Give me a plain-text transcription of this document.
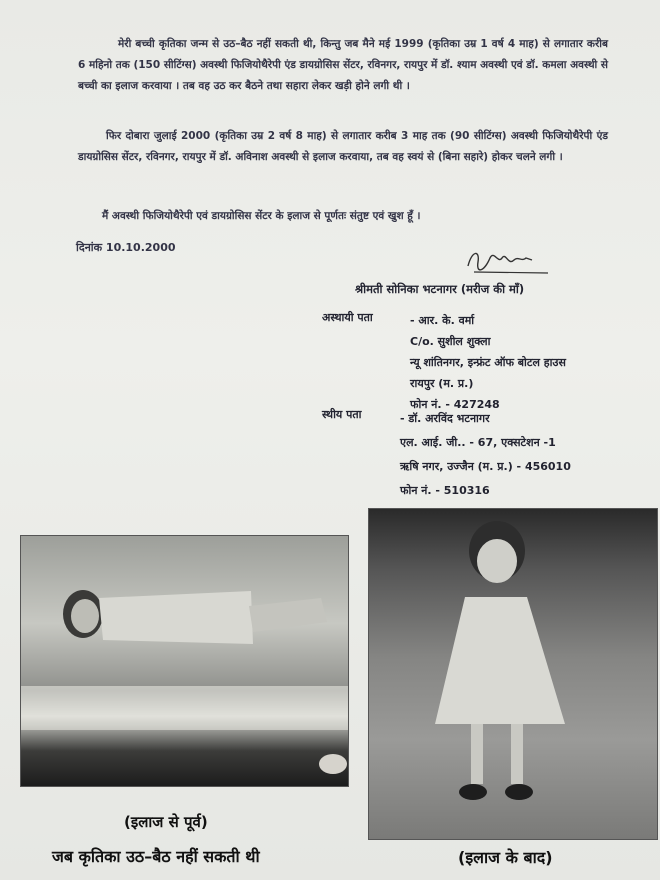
मेरी बच्ची कृतिका जन्म से उठ–बैठ नहीं सकती थी, किन्तु जब मैने मई 1999 (कृतिका उम्र 1 वर्ष 4 माह) से लगातार करीब 6 महिनो तक (150 सीटिंग्स) अवस्थी फिजियोथैरेपी एंड डायग्रोसिस सेंटर, रविनगर, रायपुर में डॉ. श्याम अवस्थी एवं डॉ. कमला अवस्थी से बच्ची का इलाज करवाया । तब वह उठ कर बैठने तथा सहारा लेकर खड़ी होने लगी थी ।
फिर दोबारा जुलाई 2000 (कृतिका उम्र 2 वर्ष 8 माह) से लगातार करीब 3 माह तक (90 सीटिंग्स) अवस्थी फिजियोथैरेपी एंड डायग्रोसिस सेंटर, रविनगर, रायपुर में डॉ. अविनाश अवस्थी से इलाज करवाया, तब वह स्वयं से (बिना सहारे) होकर चलने लगी ।
मैं अवस्थी फिजियोथैरेपी एवं डायग्रोसिस सेंटर के इलाज से पूर्णतः संतुष्ट एवं खुश हूँ ।
दिनांक 10.10.2000
श्रीमती सोनिका भटनागर (मरीज की माँ)
अस्थायी पता	- आर. के. वर्मा
C/o. सुशील शुक्ला
न्यू शांतिनगर, इन्फ्रंट ऑफ बोटल हाउस
रायपुर (म. प्र.)
फोन नं. - 427248
स्थीय पता	- डॉ. अरविंद भटनागर
एल. आई. जी.. - 67, एक्सटेशन -1
ऋषि नगर, उज्जैन (म. प्र.) - 456010
फोन नं. - 510316
(इलाज से पूर्व)
जब कृतिका उठ–बैठ नहीं सकती थी	(इलाज के बाद)
